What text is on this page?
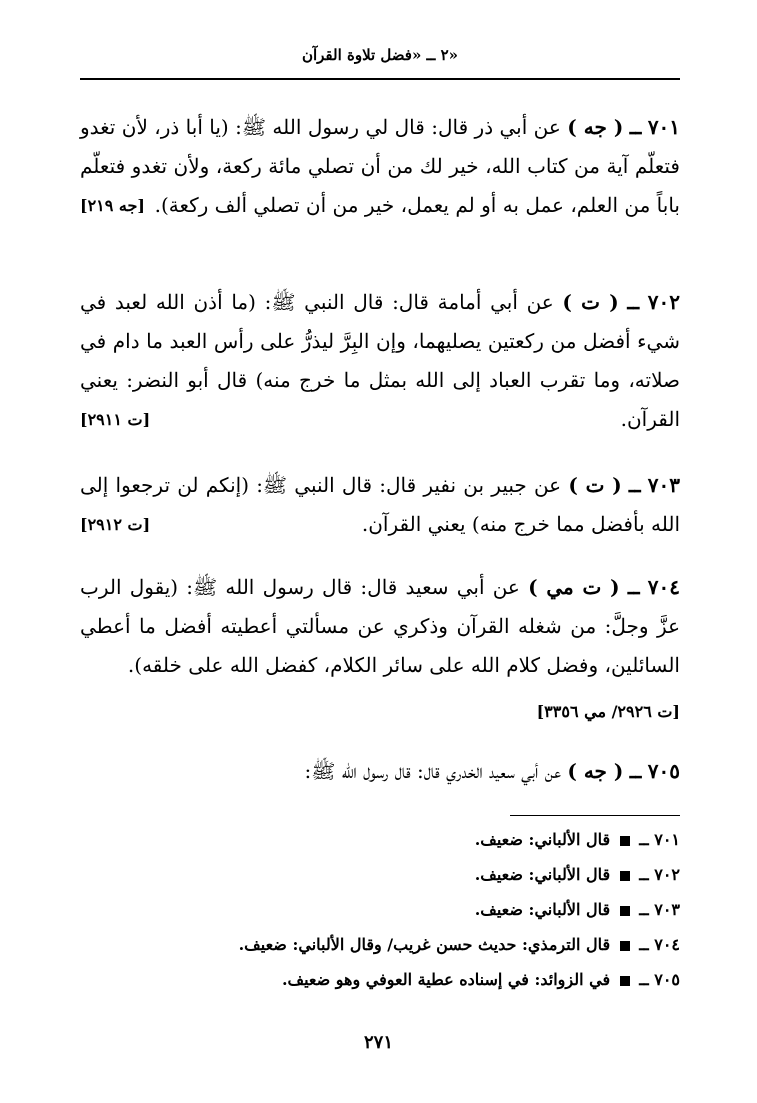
٢ ــ «فضل تلاوة القرآن»

٧٠١ ــ ( جه ) عن أبي ذر قال: قال لي رسول الله ﷺ: (يا أبا ذر، لأن تغدو فتعلّم آية من كتاب الله، خير لك من أن تصلي مائة ركعة، ولأن تغدو فتعلّم باباً من العلم، عمل به أو لم يعمل، خير من أن تصلي ألف ركعة).
[جه ٢١٩]

٧٠٢ ــ ( ت ) عن أبي أمامة قال: قال النبي ﷺ: (ما أذن الله لعبد في شيء أفضل من ركعتين يصليهما، وإن البِرَّ ليذرُّ على رأس العبد ما دام في صلاته، وما تقرب العباد إلى الله بمثل ما خرج منه) قال أبو النضر: يعني القرآن.
[ت ٢٩١١]

٧٠٣ ــ ( ت ) عن جبير بن نفير قال: قال النبي ﷺ: (إنكم لن ترجعوا إلى الله بأفضل مما خرج منه) يعني القرآن.
[ت ٢٩١٢]

٧٠٤ ــ ( ت مي ) عن أبي سعيد قال: قال رسول الله ﷺ: (يقول الرب عزَّ وجلَّ: من شغله القرآن وذكري عن مسألتي أعطيته أفضل ما أعطي السائلين، وفضل كلام الله على سائر الكلام، كفضل الله على خلقه).

[ت ٢٩٢٦/ مي ٣٣٥٦]

٧٠٥ ــ ( جه ) عن أبي سعيد الخدري قال: قال رسول الله ﷺ:

٧٠١ ــ  قال الألباني: ضعيف.
٧٠٢ ــ  قال الألباني: ضعيف.
٧٠٣ ــ  قال الألباني: ضعيف.
٧٠٤ ــ  قال الترمذي: حديث حسن غريب/ وقال الألباني: ضعيف.
٧٠٥ ــ  في الزوائد: في إسناده عطية العوفي وهو ضعيف.
٢٧١
